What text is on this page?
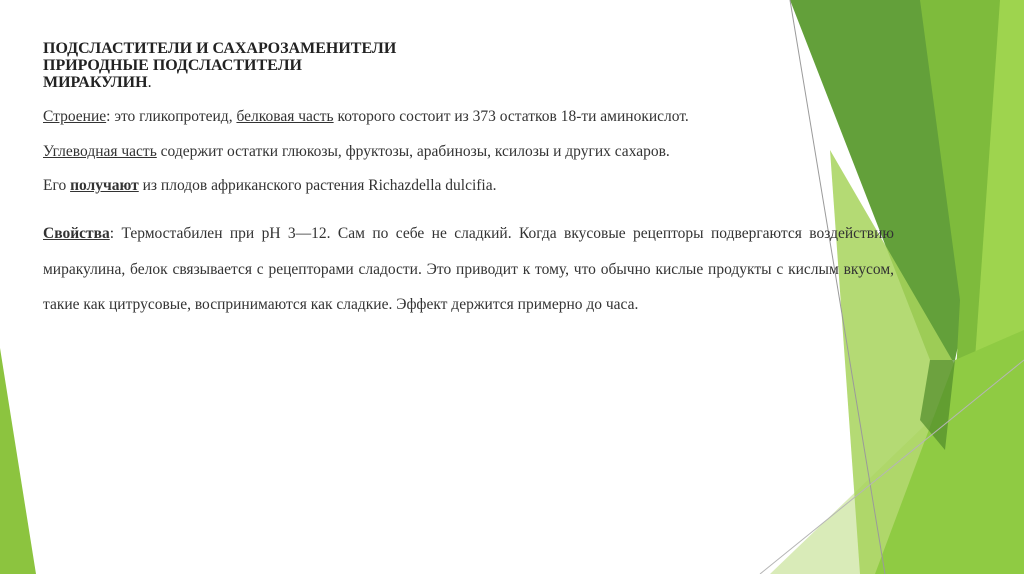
ПОДСЛАСТИТЕЛИ И САХАРОЗАМЕНИТЕЛИ
ПРИРОДНЫЕ ПОДСЛАСТИТЕЛИ
МИРАКУЛИН.
Строение: это гликопротеид, белковая часть которого состоит из 373 остатков 18-ти аминокислот.
Углеводная часть содержит остатки глюкозы, фруктозы, арабинозы, ксилозы и других сахаров.
Его получают из плодов африканского растения Richazdella dulcifia.
Свойства: Термостабилен при pH 3—12. Сам по себе не сладкий. Когда вкусовые рецепторы подвергаются воздействию миракулина, белок связывается с рецепторами сладости. Это приводит к тому, что обычно кислые продукты с кислым вкусом, такие как цитрусовые, воспринимаются как сладкие. Эффект держится примерно до часа.
